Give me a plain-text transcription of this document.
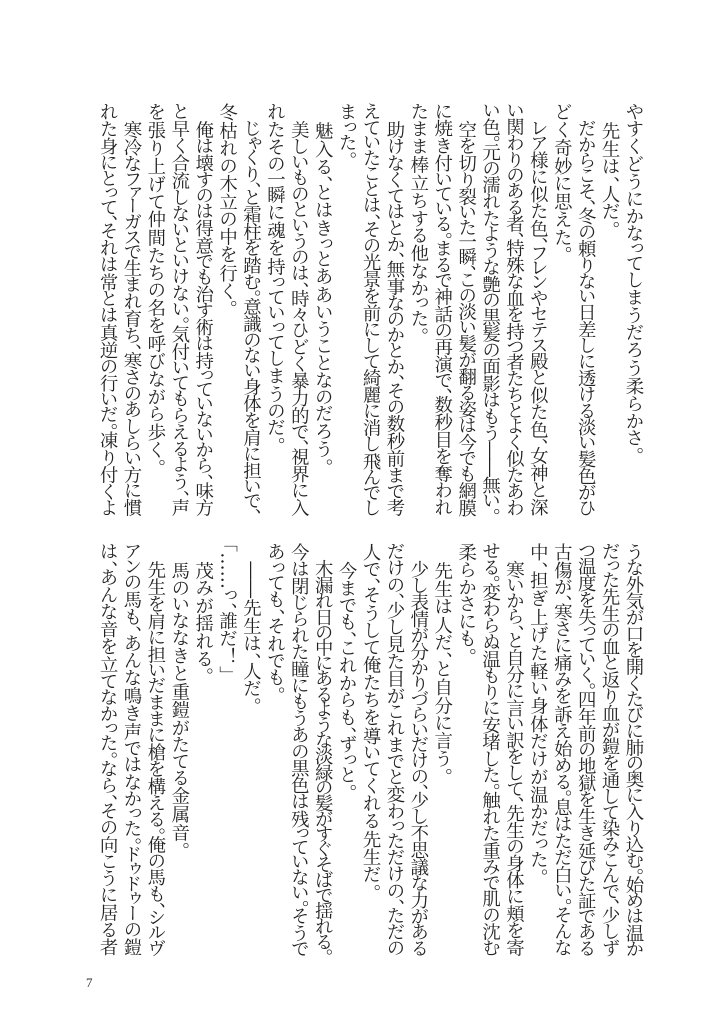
やすくどうにかなってしまうだろう柔らかさ。
　先生は、人だ。
　だからこそ、冬の頼りない日差しに透ける淡い髪色がひ
どく奇妙に思えた。
　レア様に似た色、フレンやセテス殿と似た色、女神と深
い関わりのある者、特殊な血を持つ者たちとよく似たあわ
い色。元の濡れたような艶の黒髪の面影はもう――無い。
　空を切り裂いた一瞬、この淡い髪が翻る姿は今でも網膜
に焼き付いている。まるで神話の再演で、数秒目を奪われ
たまま棒立ちする他なかった。
　助けなくてはとか、無事なのかとか、その数秒前まで考
えていたことは、その光景を前にして綺麗に消し飛んでし
まった。
　魅入る、とはきっとああいうことなのだろう。
　美しいものというのは、時々ひどく暴力的で、視界に入
れたその一瞬に魂を持っていってしまうのだ。
　じゃくり、と霜柱を踏む。意識のない身体を肩に担いで、
冬枯れの木立の中を行く。
　俺は壊すのは得意でも治す術は持っていないから、味方
と早く合流しないといけない。気付いてもらえるよう、声
を張り上げて仲間たちの名を呼びながら歩く。
　寒冷なファーガスで生まれ育ち、寒さのあしらい方に慣
れた身にとって、それは常とは真逆の行いだ。凍り付くよ
うな外気が口を開くたびに肺の奥に入り込む。始めは温か
だった先生の血と返り血が鎧を通して染みこんで、少しず
つ温度を失っていく。四年前の地獄を生き延びた証である
古傷が、寒さに痛みを訴え始める。息はただ白い。そんな
中、担ぎ上げた軽い身体だけが温かだった。
　寒いから、と自分に言い訳をして、先生の身体に頬を寄
せる。変わらぬ温もりに安堵した。触れた重みで肌の沈む
柔らかさにも。
　先生は人だ、と自分に言う。
　少し表情が分かりづらいだけの、少し不思議な力がある
だけの、少し見た目がこれまでと変わっただけの、ただの
人で、そうして俺たちを導いてくれる先生だ。
　今までも、これからも、ずっと。
　木漏れ日の中にあるような淡緑の髪がすぐそばで揺れる。
今は閉じられた瞳にもうあの黒色は残っていない。そうで
あっても、それでも。
　――先生は、人だ。
「……っ、誰だ！」
　茂みが揺れる。
　馬のいななきと重鎧がたてる金属音。
　先生を肩に担いだままに槍を構える。俺の馬も、シルヴ
アンの馬も、あんな鳴き声ではなかった。ドゥドゥーの鎧
は、あんな音を立てなかった。なら、その向こうに居る者
7
